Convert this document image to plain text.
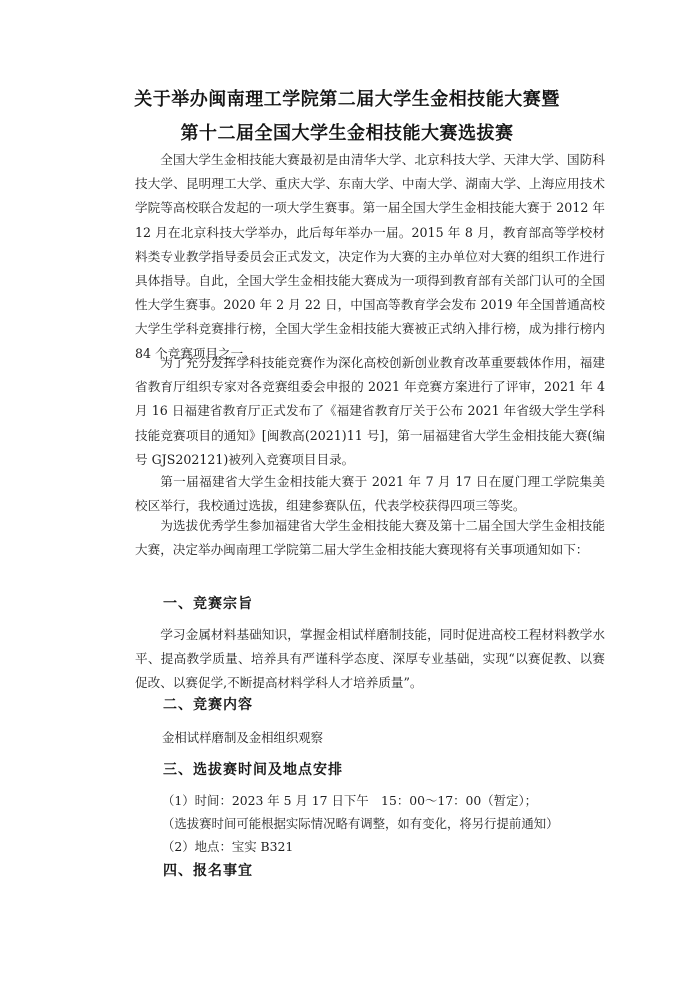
关于举办闽南理工学院第二届大学生金相技能大赛暨
第十二届全国大学生金相技能大赛选拔赛

全国大学生金相技能大赛最初是由清华大学、北京科技大学、天津大学、国防科技大学、昆明理工大学、重庆大学、东南大学、中南大学、湖南大学、上海应用技术学院等高校联合发起的一项大学生赛事。第一届全国大学生金相技能大赛于 2012 年 12 月在北京科技大学举办，此后每年举办一届。2015 年 8 月，教育部高等学校材料类专业教学指导委员会正式发文，决定作为大赛的主办单位对大赛的组织工作进行具体指导。自此，全国大学生金相技能大赛成为一项得到教育部有关部门认可的全国性大学生赛事。2020 年 2 月 22 日，中国高等教育学会发布 2019 年全国普通高校大学生学科竞赛排行榜，全国大学生金相技能大赛被正式纳入排行榜，成为排行榜内 84 个竞赛项目之一。

为了充分发挥学科技能竞赛作为深化高校创新创业教育改革重要载体作用，福建省教育厅组织专家对各竞赛组委会申报的 2021 年竞赛方案进行了评审，2021 年 4 月 16 日福建省教育厅正式发布了《福建省教育厅关于公布 2021 年省级大学生学科技能竞赛项目的通知》[闽教高(2021)11 号]，第一届福建省大学生金相技能大赛(编号 GJS202121)被列入竞赛项目目录。

第一届福建省大学生金相技能大赛于 2021 年 7 月 17 日在厦门理工学院集美校区举行，我校通过选拔，组建参赛队伍，代表学校获得四项三等奖。

为选拔优秀学生参加福建省大学生金相技能大赛及第十二届全国大学生金相技能大赛，决定举办闽南理工学院第二届大学生金相技能大赛现将有关事项通知如下：

一、竞赛宗旨

学习金属材料基础知识，掌握金相试样磨制技能，同时促进高校工程材料教学水平、提高教学质量、培养具有严谨科学态度、深厚专业基础，实现“以赛促教、以赛促改、以赛促学,不断提高材料学科人才培养质量”。

二、竞赛内容
金相试样磨制及金相组织观察
三、选拔赛时间及地点安排
（1）时间：2023 年 5 月 17 日下午　15：00～17：00（暂定）；
（选拔赛时间可能根据实际情况略有调整，如有变化，将另行提前通知）
（2）地点：宝实 B321
四、报名事宜
